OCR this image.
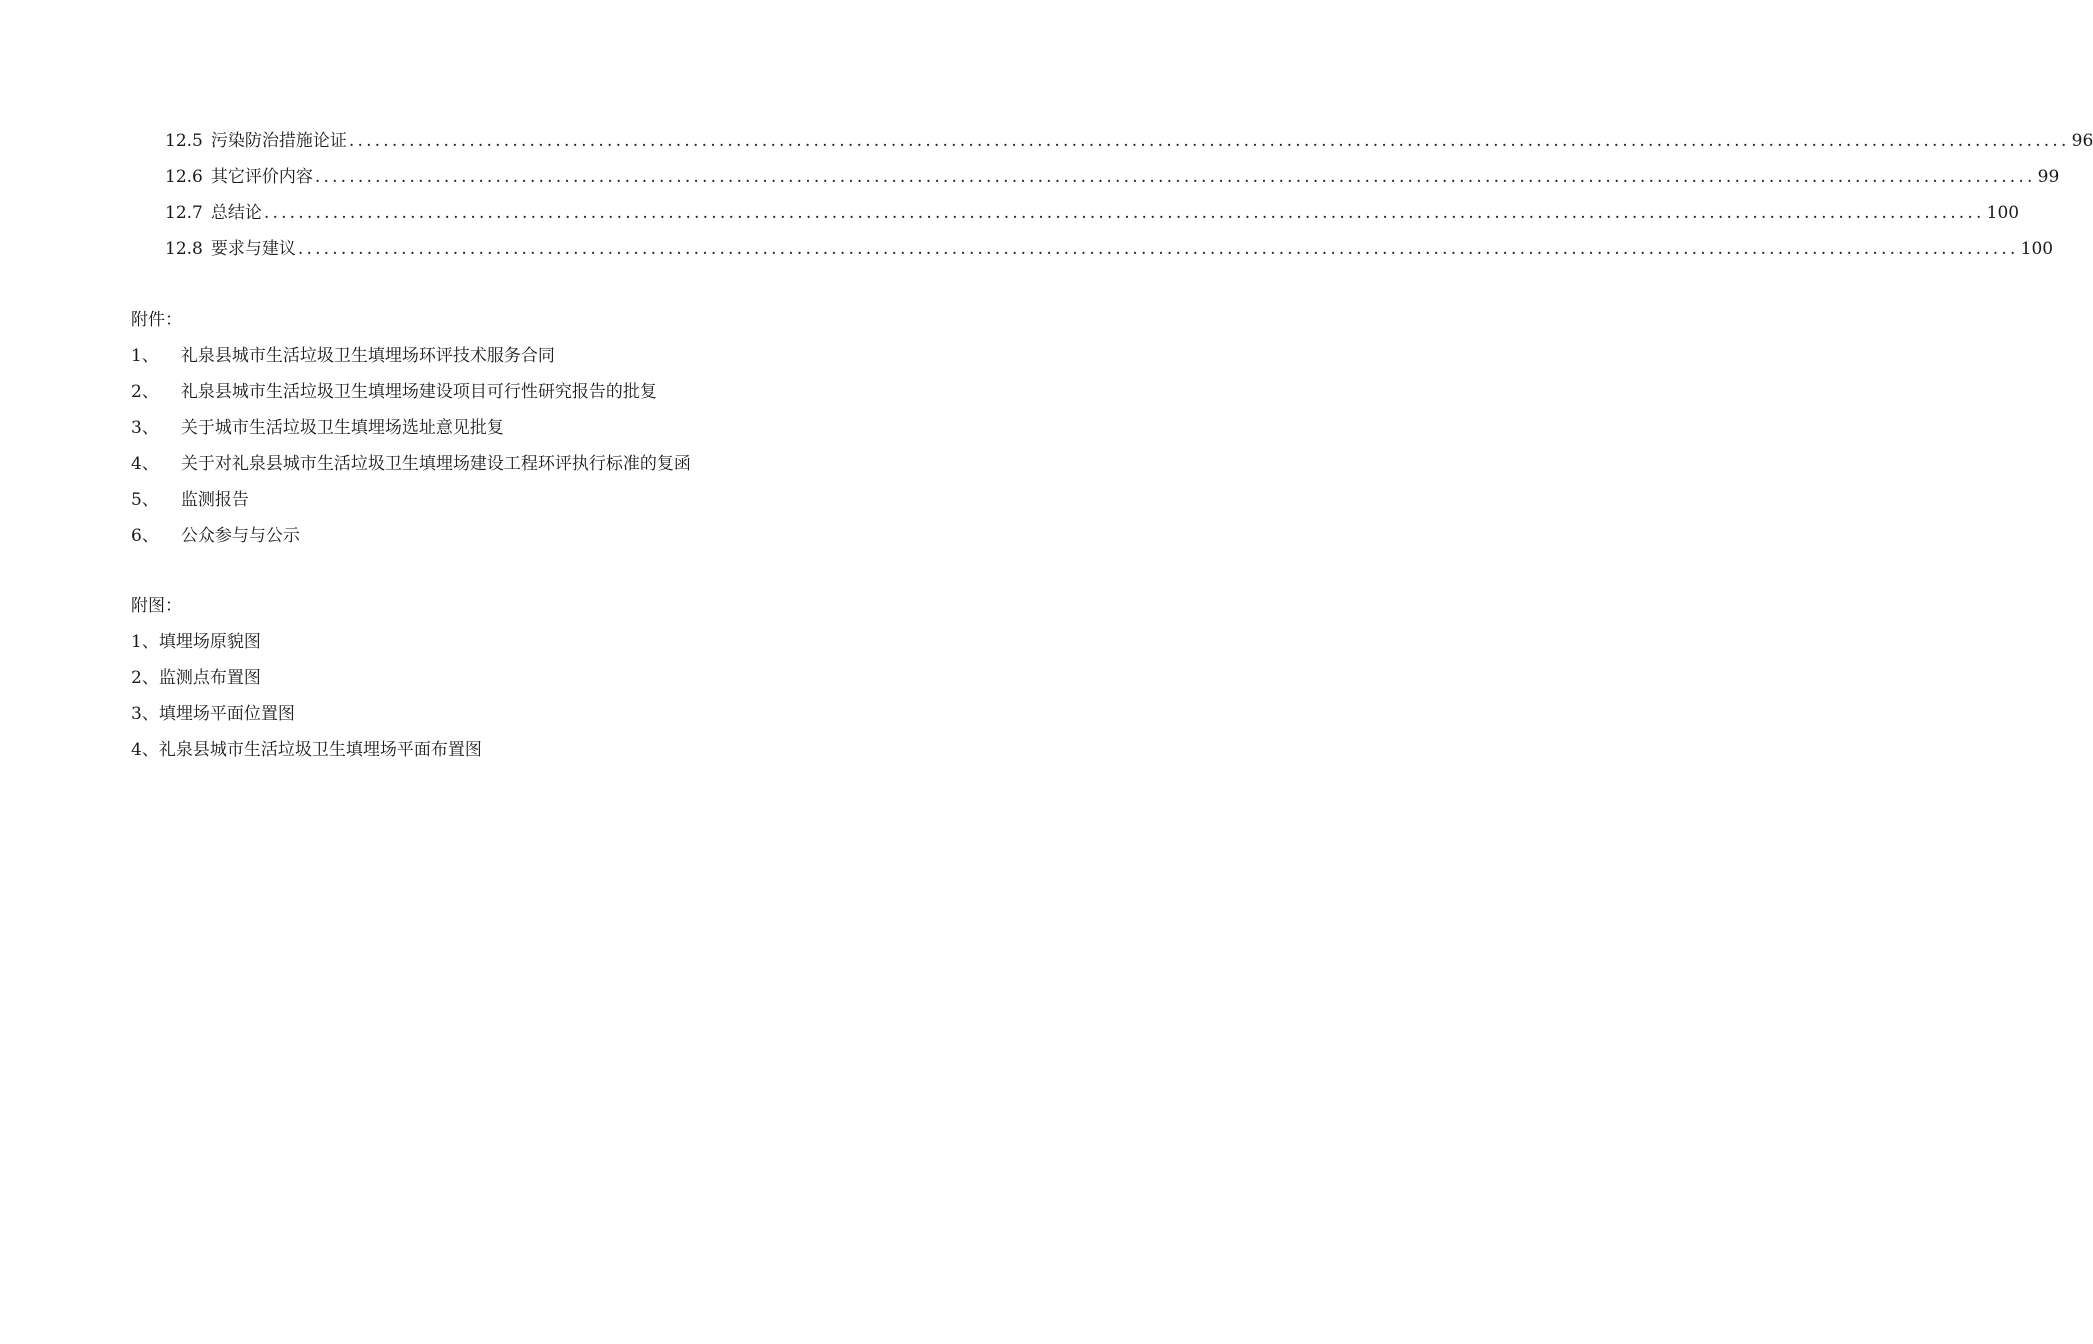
12.5 污染防治措施论证 ........................................................................................................................................................................................................ 96
12.6 其它评价内容 ........................................................................................................................................................................................................ 99
12.7 总结论 ........................................................................................................................................................................................................ 100
12.8 要求与建议 ........................................................................................................................................................................................................ 100
附件：
1、 礼泉县城市生活垃圾卫生填埋场环评技术服务合同
2、 礼泉县城市生活垃圾卫生填埋场建设项目可行性研究报告的批复
3、 关于城市生活垃圾卫生填埋场选址意见批复
4、 关于对礼泉县城市生活垃圾卫生填埋场建设工程环评执行标准的复函
5、 监测报告
6、 公众参与与公示
附图：
1、填埋场原貌图
2、监测点布置图
3、填埋场平面位置图
4、礼泉县城市生活垃圾卫生填埋场平面布置图
